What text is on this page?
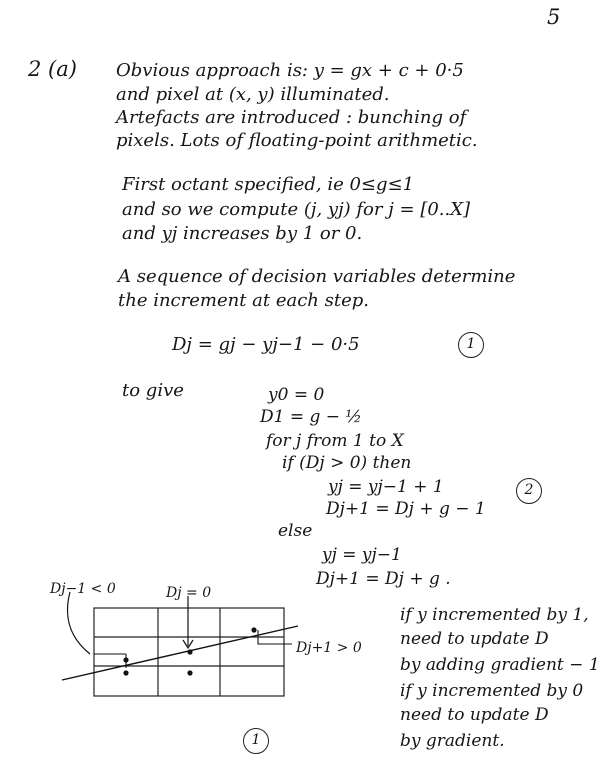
5
2 (a) Obvious approach is: y = gx + c + 0·5
and pixel at (x, y) illuminated.
Artefacts are introduced : bunching of
pixels. Lots of floating-point arithmetic.
First octant specified, ie 0≤g≤1
and so we compute (j, yj) for j = [0..X]
and yj increases by 1 or 0.
A sequence of decision variables determine
the increment at each step.
Dj = gj − yj−1 − 0·5	1
to give	y0 = 0
D1 = g − ½
for j from 1 to X
if (Dj > 0) then
yj = yj−1 + 1
Dj+1 = Dj + g − 1
2
else
yj = yj−1
Dj+1 = Dj + g .
Dj−1 < 0	Dj = 0
Dj+1 > 0
1
if y incremented by 1,
need to update D
by adding gradient − 1
if y incremented by 0
need to update D
by gradient.
